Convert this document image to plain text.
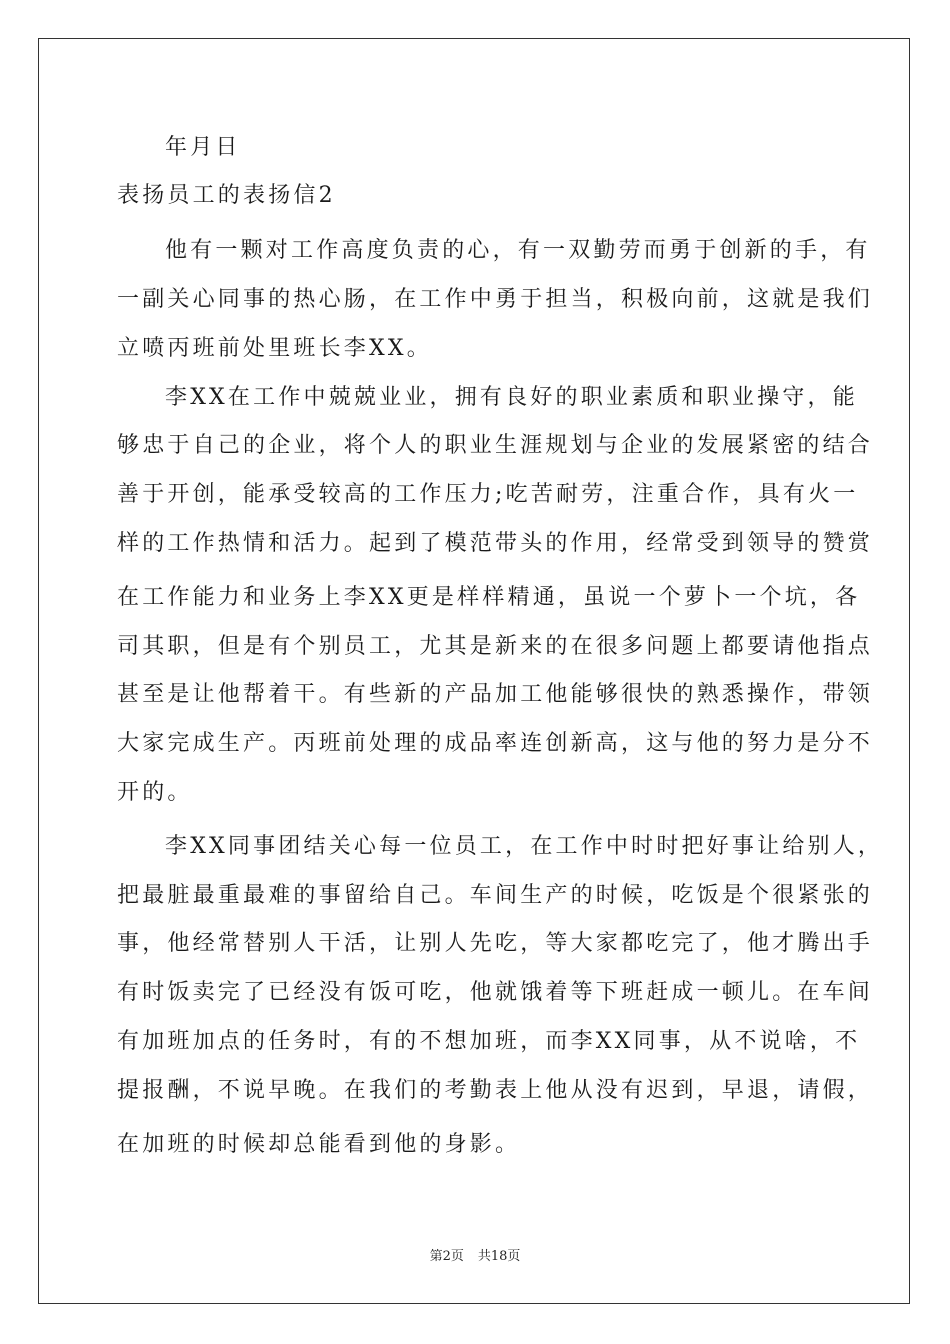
年月日
表扬员工的表扬信2
他有一颗对工作高度负责的心，有一双勤劳而勇于创新的手，有
一副关心同事的热心肠，在工作中勇于担当，积极向前，这就是我们
立喷丙班前处里班长李XX。
李XX在工作中兢兢业业，拥有良好的职业素质和职业操守，能
够忠于自己的企业，将个人的职业生涯规划与企业的发展紧密的结合
善于开创，能承受较高的工作压力;吃苦耐劳，注重合作，具有火一
样的工作热情和活力。起到了模范带头的作用，经常受到领导的赞赏
在工作能力和业务上李XX更是样样精通，虽说一个萝卜一个坑，各
司其职，但是有个别员工，尤其是新来的在很多问题上都要请他指点
甚至是让他帮着干。有些新的产品加工他能够很快的熟悉操作，带领
大家完成生产。丙班前处理的成品率连创新高，这与他的努力是分不
开的。
李XX同事团结关心每一位员工，在工作中时时把好事让给别人，
把最脏最重最难的事留给自己。车间生产的时候，吃饭是个很紧张的
事，他经常替别人干活，让别人先吃，等大家都吃完了，他才腾出手
有时饭卖完了已经没有饭可吃，他就饿着等下班赶成一顿儿。在车间
有加班加点的任务时，有的不想加班，而李XX同事，从不说啥，不
提报酬，不说早晚。在我们的考勤表上他从没有迟到，早退，请假，
在加班的时候却总能看到他的身影。
第2页 共18页
